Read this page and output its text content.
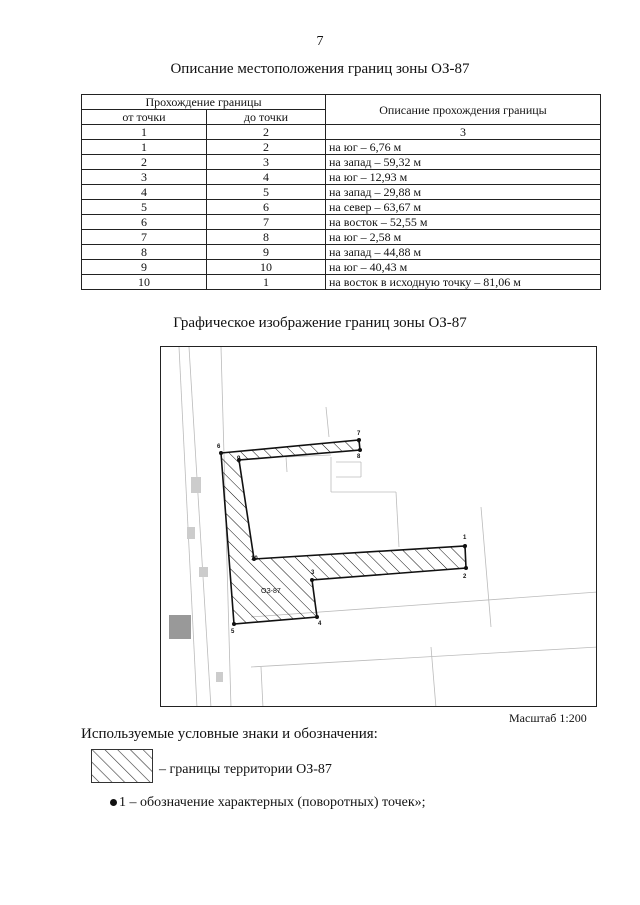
7
Описание местоположения границ зоны ОЗ-87
Прохождение границы		Описание прохождения границы
от точки	до точки	
1	2	3
1	2	на юг – 6,76 м
2	3	на запад – 59,32 м
3	4	на юг – 12,93 м
4	5	на запад – 29,88 м
5	6	на север – 63,67 м
6	7	на восток – 52,55 м
7	8	на юг – 2,58 м
8	9	на запад – 44,88 м
9	10	на юг – 40,43 м
10	1	на восток в исходную точку – 81,06 м
Графическое изображение границ зоны ОЗ-87
ОЗ-87
1
2
3
4
5
6
7
8
9
10
Масштаб 1:200
Используемые условные знаки и обозначения:
– границы территории ОЗ-87
1 – обозначение характерных (поворотных) точек»;
